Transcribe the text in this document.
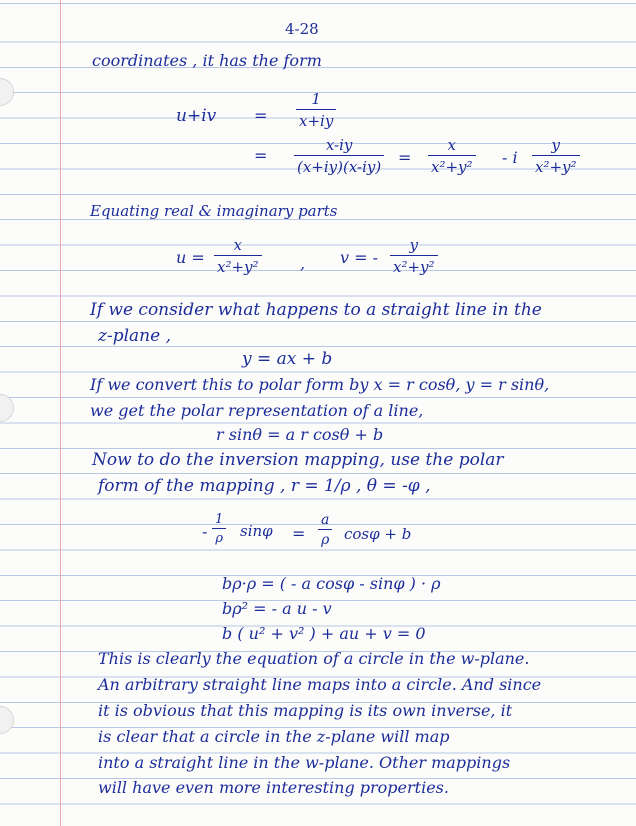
4-28
coordinates , it has the form
$u+iv = \frac{1}{x+iy}$
= $\frac{x-iy}{(x+iy)(x-iy)} = \frac{x}{\text{x²+y²}} - i \frac{y}{\text{x²+y²}}$
Equating real & imaginary parts
$u = \frac{x}{\text{x²+y²}}$ , v = - $\frac{y}{\text{x²+y²}}$
If we consider what happens to a straight line in the
z-plane ,
y = ax + b
If we convert this to polar form by x = r cosθ, y = r sinθ,
we get the polar representation of a line,
r sinθ = a r cosθ + b
Now to do the inversion mapping, use the polar
form of the mapping , r = 1/ρ , θ = -φ ,
- $\frac{1}{\rho}$ $\sin\varphi = \frac{a}{\rho}$ cosφ + b
bρ·ρ = ( - a cosφ - sinφ ) · ρ
bρ² = - a u - v
b ( u² + v² ) + au + v = 0
This is clearly the equation of a circle in the w-plane.
An arbitrary straight line maps into a circle. And since
it is obvious that this mapping is its own inverse, it
is clear that a circle in the z-plane will map
into a straight line in the w-plane. Other mappings
will have even more interesting properties.
